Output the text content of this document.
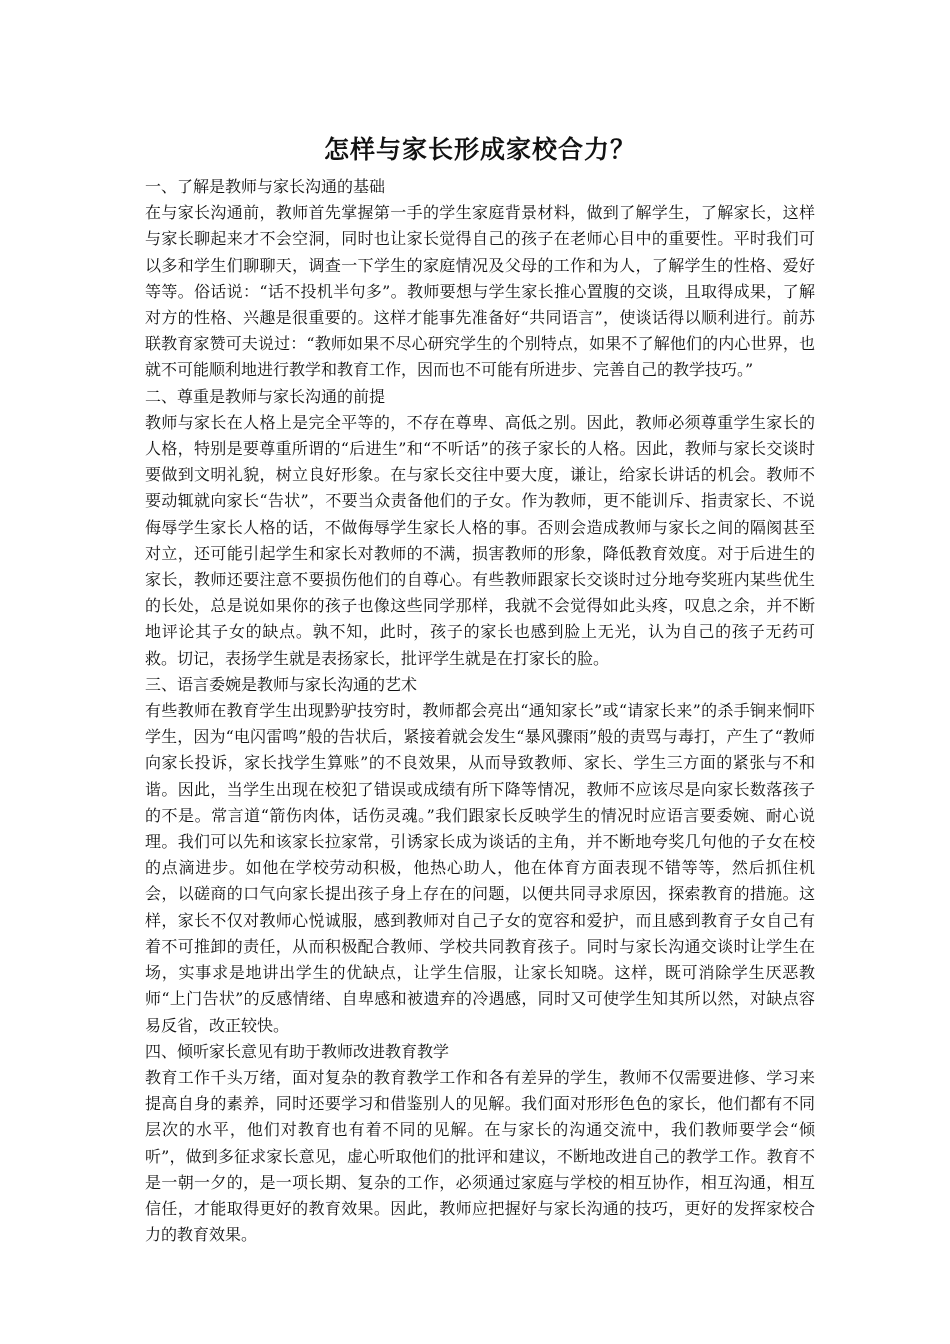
怎样与家长形成家校合力？

一、了解是教师与家长沟通的基础

在与家长沟通前，教师首先掌握第一手的学生家庭背景材料，做到了解学生，了解家长，这样与家长聊起来才不会空洞，同时也让家长觉得自己的孩子在老师心目中的重要性。平时我们可以多和学生们聊聊天，调查一下学生的家庭情况及父母的工作和为人，了解学生的性格、爱好等等。俗话说：“话不投机半句多”。教师要想与学生家长推心置腹的交谈，且取得成果，了解对方的性格、兴趣是很重要的。这样才能事先准备好“共同语言”，使谈话得以顺利进行。前苏联教育家赞可夫说过：“教师如果不尽心研究学生的个别特点，如果不了解他们的内心世界，也就不可能顺利地进行教学和教育工作，因而也不可能有所进步、完善自己的教学技巧。”

二、尊重是教师与家长沟通的前提

教师与家长在人格上是完全平等的，不存在尊卑、高低之别。因此，教师必须尊重学生家长的人格，特别是要尊重所谓的“后进生”和“不听话”的孩子家长的人格。因此，教师与家长交谈时要做到文明礼貌，树立良好形象。在与家长交往中要大度，谦让，给家长讲话的机会。教师不要动辄就向家长“告状”，不要当众责备他们的子女。作为教师，更不能训斥、指责家长、不说侮辱学生家长人格的话，不做侮辱学生家长人格的事。否则会造成教师与家长之间的隔阂甚至对立，还可能引起学生和家长对教师的不满，损害教师的形象，降低教育效度。对于后进生的家长，教师还要注意不要损伤他们的自尊心。有些教师跟家长交谈时过分地夸奖班内某些优生的长处，总是说如果你的孩子也像这些同学那样，我就不会觉得如此头疼，叹息之余，并不断地评论其子女的缺点。孰不知，此时，孩子的家长也感到脸上无光，认为自己的孩子无药可救。切记，表扬学生就是表扬家长，批评学生就是在打家长的脸。

三、语言委婉是教师与家长沟通的艺术

有些教师在教育学生出现黔驴技穷时，教师都会亮出“通知家长”或“请家长来”的杀手锏来恫吓学生，因为“电闪雷鸣”般的告状后，紧接着就会发生“暴风骤雨”般的责骂与毒打，产生了“教师向家长投诉，家长找学生算账”的不良效果，从而导致教师、家长、学生三方面的紧张与不和谐。因此，当学生出现在校犯了错误或成绩有所下降等情况，教师不应该尽是向家长数落孩子的不是。常言道“箭伤肉体，话伤灵魂。”我们跟家长反映学生的情况时应语言要委婉、耐心说理。我们可以先和该家长拉家常，引诱家长成为谈话的主角，并不断地夸奖几句他的子女在校的点滴进步。如他在学校劳动积极，他热心助人，他在体育方面表现不错等等，然后抓住机会，以磋商的口气向家长提出孩子身上存在的问题，以便共同寻求原因，探索教育的措施。这样，家长不仅对教师心悦诚服，感到教师对自己子女的宽容和爱护，而且感到教育子女自己有着不可推卸的责任，从而积极配合教师、学校共同教育孩子。同时与家长沟通交谈时让学生在场，实事求是地讲出学生的优缺点，让学生信服，让家长知晓。这样，既可消除学生厌恶教师“上门告状”的反感情绪、自卑感和被遗弃的冷遇感，同时又可使学生知其所以然，对缺点容易反省，改正较快。

四、倾听家长意见有助于教师改进教育教学

教育工作千头万绪，面对复杂的教育教学工作和各有差异的学生，教师不仅需要进修、学习来提高自身的素养，同时还要学习和借鉴别人的见解。我们面对形形色色的家长，他们都有不同层次的水平，他们对教育也有着不同的见解。在与家长的沟通交流中，我们教师要学会“倾听”，做到多征求家长意见，虚心听取他们的批评和建议，不断地改进自己的教学工作。教育不是一朝一夕的，是一项长期、复杂的工作，必须通过家庭与学校的相互协作，相互沟通，相互信任，才能取得更好的教育效果。因此，教师应把握好与家长沟通的技巧，更好的发挥家校合力的教育效果。
